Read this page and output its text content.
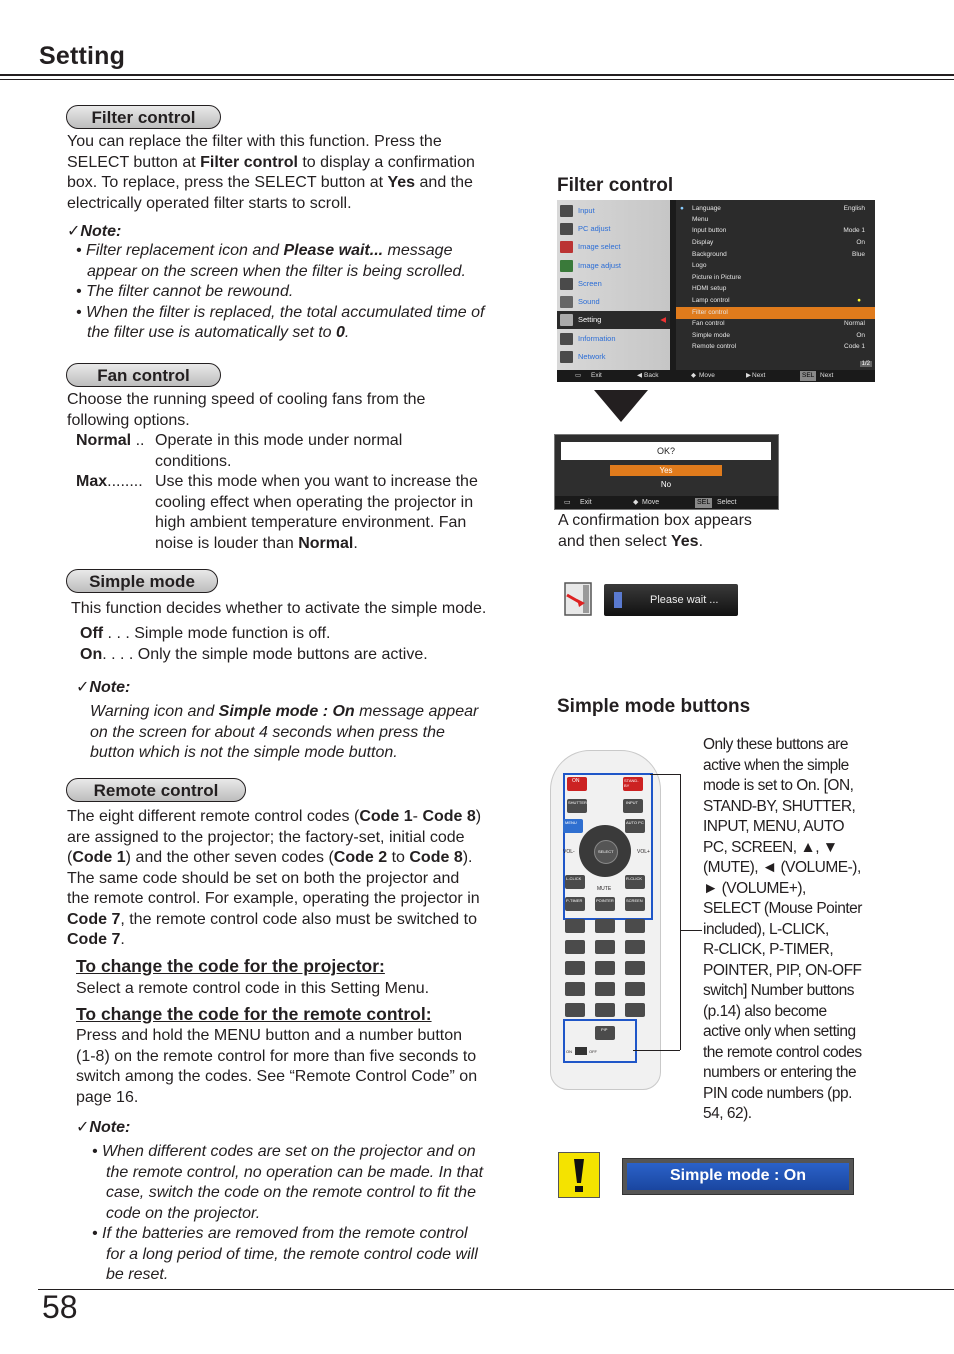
Setting
Filter control

You can replace the filter with this function. Press the

SELECT button at Filter control to display a confirmation

box. To replace, press the SELECT button at Yes and the

electrically operated filter starts to scroll.

✓Note:

• Filter replacement icon and Please wait... message

appear on the screen when the filter is being scrolled.

• The filter cannot be rewound.

• When the filter is replaced, the total accumulated time of

the filter use is automatically set to 0.

Fan control

Choose the running speed of cooling fans from the

following options.

Normal .. Operate in this mode under normal

conditions.

Max........ Use this mode when you want to increase the

cooling effect when operating the projector in

high ambient temperature environment. Fan

noise is louder than Normal.

Simple mode
This function decides whether to activate the simple mode.

Off . . . Simple mode function is off.

On. . . . Only the simple mode buttons are active.

✓Note:

Warning icon and Simple mode : On message appear

on the screen for about 4 seconds when press the

button which is not the simple mode button.

Remote control

The eight different remote control codes (Code 1- Code 8)

are assigned to the projector; the factory-set, initial code

(Code 1) and the other seven codes (Code 2 to Code 8).

The same code should be set on both the projector and

the remote control. For example, operating the projector in

Code 7, the remote control code also must be switched to

Code 7.

To change the code for the projector:
Select a remote control code in this Setting Menu.
To change the code for the remote control:

Press and hold the MENU button and a number button

(1-8) on the remote control for more than five seconds to

switch among the codes. See “Remote Control Code” on

page 16.

✓Note:

• When different codes are set on the projector and on

the remote control, no operation can be made. In that

case, switch the code on the remote control to fit the

code on the projector.

• If the batteries are removed from the remote control

for a long period of time, the remote control code will

be reset.

Filter control
Input
PC adjust
Image select
Image adjust
Screen
Sound
Setting	◀
Information
Network
● Language	English
Menu
Input button	Mode 1
Display	On
Background	Blue
Logo
Picture in Picture
HDMI setup
Lamp control	●
Filter control
Fan control	Normal
Simple mode	On
Remote control	Code 1
1/2
▭ Exit	◀ Back	◆ Move	▶ Next	SEL Next
OK?
Yes
No
▭ Exit	◆ Move	SEL Select

A confirmation box appears

and then select Yes.

Please wait ...
Simple mode buttons
ON	STAND-BY
SHUTTER	INPUT
MENU	AUTO PC
SELECT
VOL-	VOL+
L-CLICK
MUTE
R-CLICK
P-TIMER	POINTER	SCREEN
PIP
ON	OFF

Only these buttons are

active when the simple

mode is set to On. [ON,

STAND-BY, SHUTTER,

INPUT, MENU, AUTO

PC, SCREEN, ▲, ▼

(MUTE), ◄ (VOLUME-),

► (VOLUME+),

SELECT (Mouse Pointer

included), L-CLICK,

R-CLICK, P-TIMER,

POINTER, PIP, ON-OFF

switch] Number buttons

(p.14) also become

active only when setting

the remote control codes

numbers or entering the

PIN code numbers (pp.

54, 62).

Simple mode : On
58
